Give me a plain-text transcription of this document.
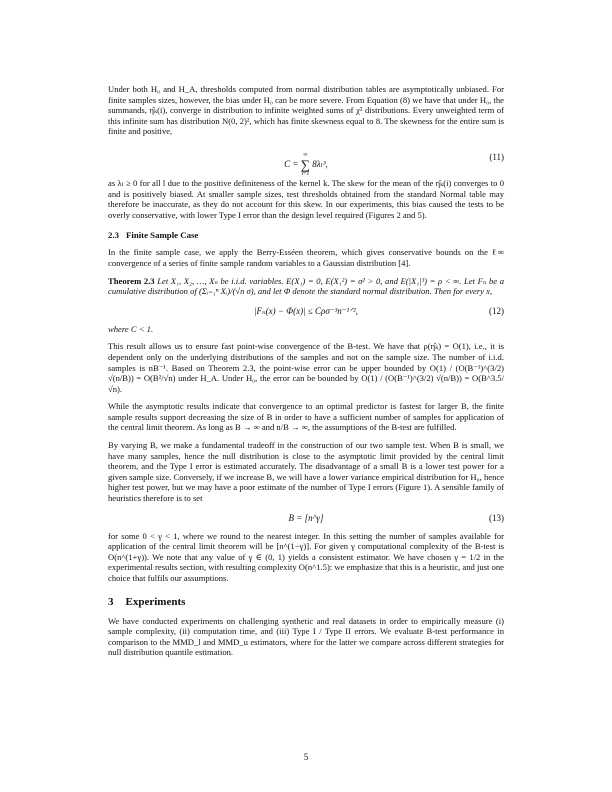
Under both H₀ and H_A, thresholds computed from normal distribution tables are asymptotically unbiased. For finite samples sizes, however, the bias under H₀ can be more severe. From Equation (8) we have that under H₀, the summands, η̂ₖ(i), converge in distribution to infinite weighted sums of χ² distributions. Every unweighted term of this infinite sum has distribution N(0, 2)², which has finite skewness equal to 8. The skewness for the entire sum is finite and positive,

C =
∞
∑
l=1
8λₗ³,
(11)

as λₗ ≥ 0 for all l due to the positive definiteness of the kernel k. The skew for the mean of the η̂ₖ(i) converges to 0 and is positively biased. At smaller sample sizes, test thresholds obtained from the standard Normal table may therefore be inaccurate, as they do not account for this skew. In our experiments, this bias caused the tests to be overly conservative, with lower Type I error than the design level required (Figures 2 and 5).

2.3 Finite Sample Case

In the finite sample case, we apply the Berry-Esséen theorem, which gives conservative bounds on the ℓ∞ convergence of a series of finite sample random variables to a Gaussian distribution [4].

Theorem 2.3 Let X₁, X₂, …, Xₙ be i.i.d. variables. E(X₁) = 0, E(X₁²) = σ² > 0, and E(|X₁|³) = ρ < ∞. Let Fₙ be a cumulative distribution of (Σᵢ₌₁ⁿ Xᵢ)/(√n σ), and let Φ denote the standard normal distribution. Then for every x,

|Fₙ(x) − Φ(x)| ≤ Cρσ⁻³n⁻¹ᐟ²,	(12)

where C < 1.

This result allows us to ensure fast point-wise convergence of the B-test. We have that ρ(η̂ₖ) = O(1), i.e., it is dependent only on the underlying distributions of the samples and not on the sample size. The number of i.i.d. samples is nB⁻¹. Based on Theorem 2.3, the point-wise error can be upper bounded by O(1) / (O(B⁻¹)^(3/2) √(n/B)) = O(B²/√n) under H_A. Under H₀, the error can be bounded by O(1) / (O(B⁻¹)^(3/2) √(n/B)) = O(B^3.5/√n).

While the asymptotic results indicate that convergence to an optimal predictor is fastest for larger B, the finite sample results support decreasing the size of B in order to have a sufficient number of samples for application of the central limit theorem. As long as B → ∞ and n/B → ∞, the assumptions of the B-test are fulfilled.

By varying B, we make a fundamental tradeoff in the construction of our two sample test. When B is small, we have many samples, hence the null distribution is close to the asymptotic limit provided by the central limit theorem, and the Type I error is estimated accurately. The disadvantage of a small B is a lower test power for a given sample size. Conversely, if we increase B, we will have a lower variance empirical distribution for H₀, hence higher test power, but we may have a poor estimate of the number of Type I errors (Figure 1). A sensible family of heuristics therefore is to set

B = [n^γ]	(13)

for some 0 < γ < 1, where we round to the nearest integer. In this setting the number of samples available for application of the central limit theorem will be [n^(1−γ)]. For given γ computational complexity of the B-test is O(n^(1+γ)). We note that any value of γ ∈ (0, 1) yields a consistent estimator. We have chosen γ = 1/2 in the experimental results section, with resulting complexity O(n^1.5): we emphasize that this is a heuristic, and just one choice that fulfils our assumptions.

3 Experiments

We have conducted experiments on challenging synthetic and real datasets in order to empirically measure (i) sample complexity, (ii) computation time, and (iii) Type I / Type II errors. We evaluate B-test performance in comparison to the MMD_l and MMD_u estimators, where for the latter we compare across different strategies for null distribution quantile estimation.

5
